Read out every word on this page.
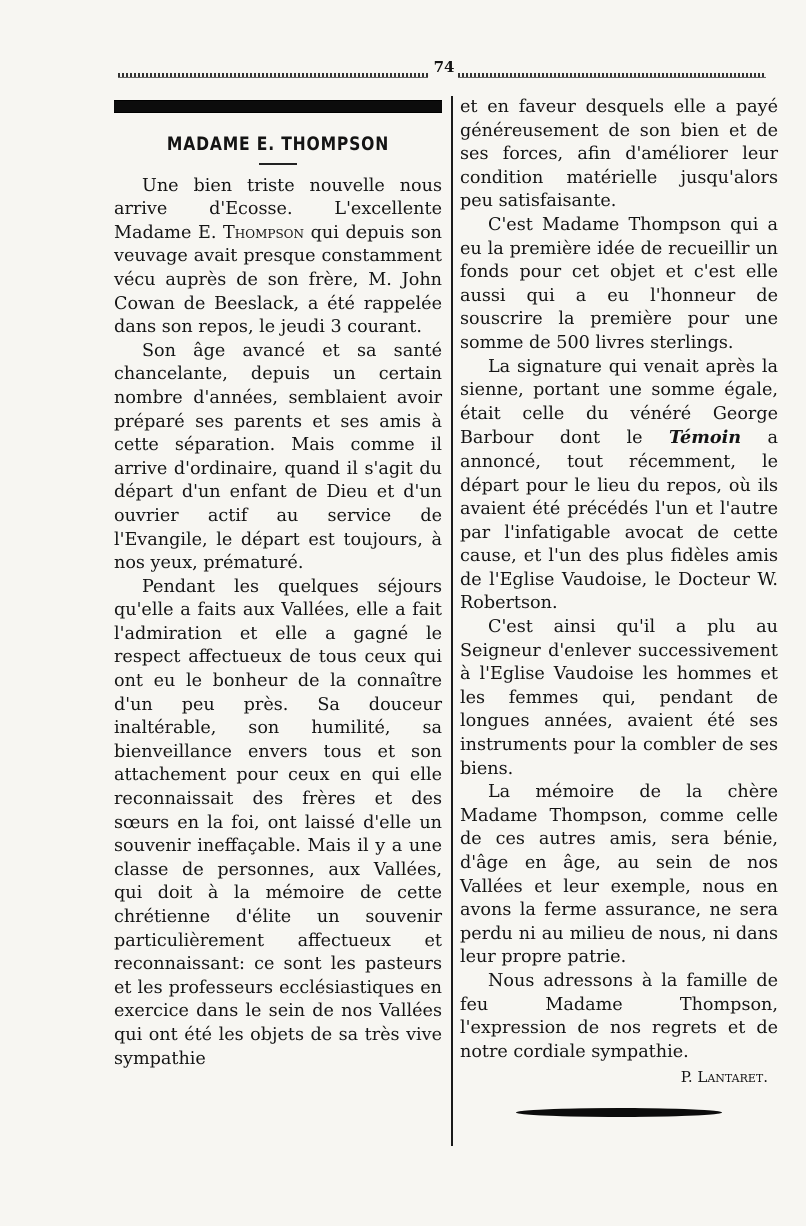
74
MADAME E. THOMPSON

Une bien triste nouvelle nous arrive d'Ecosse. L'excellente Madame E. Thompson qui depuis son veuvage avait presque constamment vécu auprès de son frère, M. John Cowan de Beeslack, a été rappelée dans son repos, le jeudi 3 courant.

Son âge avancé et sa santé chancelante, depuis un certain nombre d'années, semblaient avoir préparé ses parents et ses amis à cette séparation. Mais comme il arrive d'ordinaire, quand il s'agit du départ d'un enfant de Dieu et d'un ouvrier actif au service de l'Evangile, le départ est toujours, à nos yeux, prématuré.

Pendant les quelques séjours qu'elle a faits aux Vallées, elle a fait l'admiration et elle a gagné le respect affectueux de tous ceux qui ont eu le bonheur de la connaître d'un peu près. Sa douceur inaltérable, son humilité, sa bienveillance envers tous et son attachement pour ceux en qui elle reconnaissait des frères et des sœurs en la foi, ont laissé d'elle un souvenir ineffaçable. Mais il y a une classe de personnes, aux Vallées, qui doit à la mémoire de cette chrétienne d'élite un souvenir particulièrement affectueux et reconnaissant: ce sont les pasteurs et les professeurs ecclésiastiques en exercice dans le sein de nos Vallées qui ont été les objets de sa très vive sympathie

et en faveur desquels elle a payé généreusement de son bien et de ses forces, afin d'améliorer leur condition matérielle jusqu'alors peu satisfaisante.

C'est Madame Thompson qui a eu la première idée de recueillir un fonds pour cet objet et c'est elle aussi qui a eu l'honneur de souscrire la première pour une somme de 500 livres sterlings.

La signature qui venait après la sienne, portant une somme égale, était celle du vénéré George Barbour dont le Témoin a annoncé, tout récemment, le départ pour le lieu du repos, où ils avaient été précédés l'un et l'autre par l'infatigable avocat de cette cause, et l'un des plus fidèles amis de l'Eglise Vaudoise, le Docteur W. Robertson.

C'est ainsi qu'il a plu au Seigneur d'enlever successivement à l'Eglise Vaudoise les hommes et les femmes qui, pendant de longues années, avaient été ses instruments pour la combler de ses biens.

La mémoire de la chère Madame Thompson, comme celle de ces autres amis, sera bénie, d'âge en âge, au sein de nos Vallées et leur exemple, nous en avons la ferme assurance, ne sera perdu ni au milieu de nous, ni dans leur propre patrie.

Nous adressons à la famille de feu Madame Thompson, l'expression de nos regrets et de notre cordiale sympathie.

P. Lantaret.
